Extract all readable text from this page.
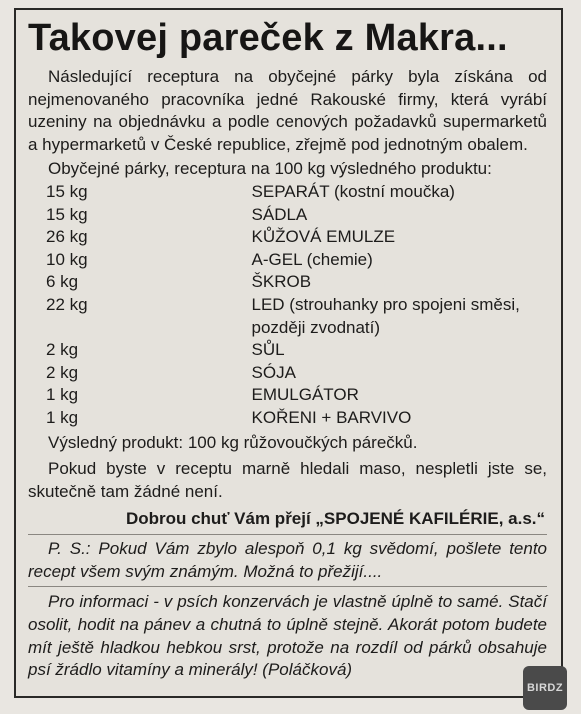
Takovej pareček z Makra...

Následující receptura na obyčejné párky byla získána od nejmenovaného pracovníka jedné Rakouské firmy, která vyrábí uzeniny na objednávku a podle cenových požadavků supermarketů a hypermarketů v České republice, zřejmě pod jednotným obalem.

Obyčejné párky, receptura na 100 kg výsledného produktu:

15 kg	SEPARÁT (kostní moučka)
15 kg	SÁDLA
26 kg	KŮŽOVÁ EMULZE
10 kg	A-GEL (chemie)
6 kg	ŠKROB
22 kg	LED (strouhanky pro spojeni směsi, později zvodnatí)
2 kg	SŮL
2 kg	SÓJA
1 kg	EMULGÁTOR
1 kg	KOŘENI + BARVIVO

Výsledný produkt: 100 kg růžovoučkých párečků.

Pokud byste v receptu marně hledali maso, nespletli jste se, skutečně tam žádné není.

Dobrou chuť Vám přejí „SPOJENÉ KAFILÉRIE, a.s.“

P. S.: Pokud Vám zbylo alespoň 0,1 kg svědomí, pošlete tento recept všem svým známým. Možná to přežijí....

Pro informaci - v psích konzervách je vlastně úplně to samé. Stačí osolit, hodit na pánev a chutná to úplně stejně. Akorát potom budete mít ještě hladkou hebkou srst, protože na rozdíl od párků obsahuje psí žrádlo vitamíny a minerály! (Poláčková)

BIRDZ
